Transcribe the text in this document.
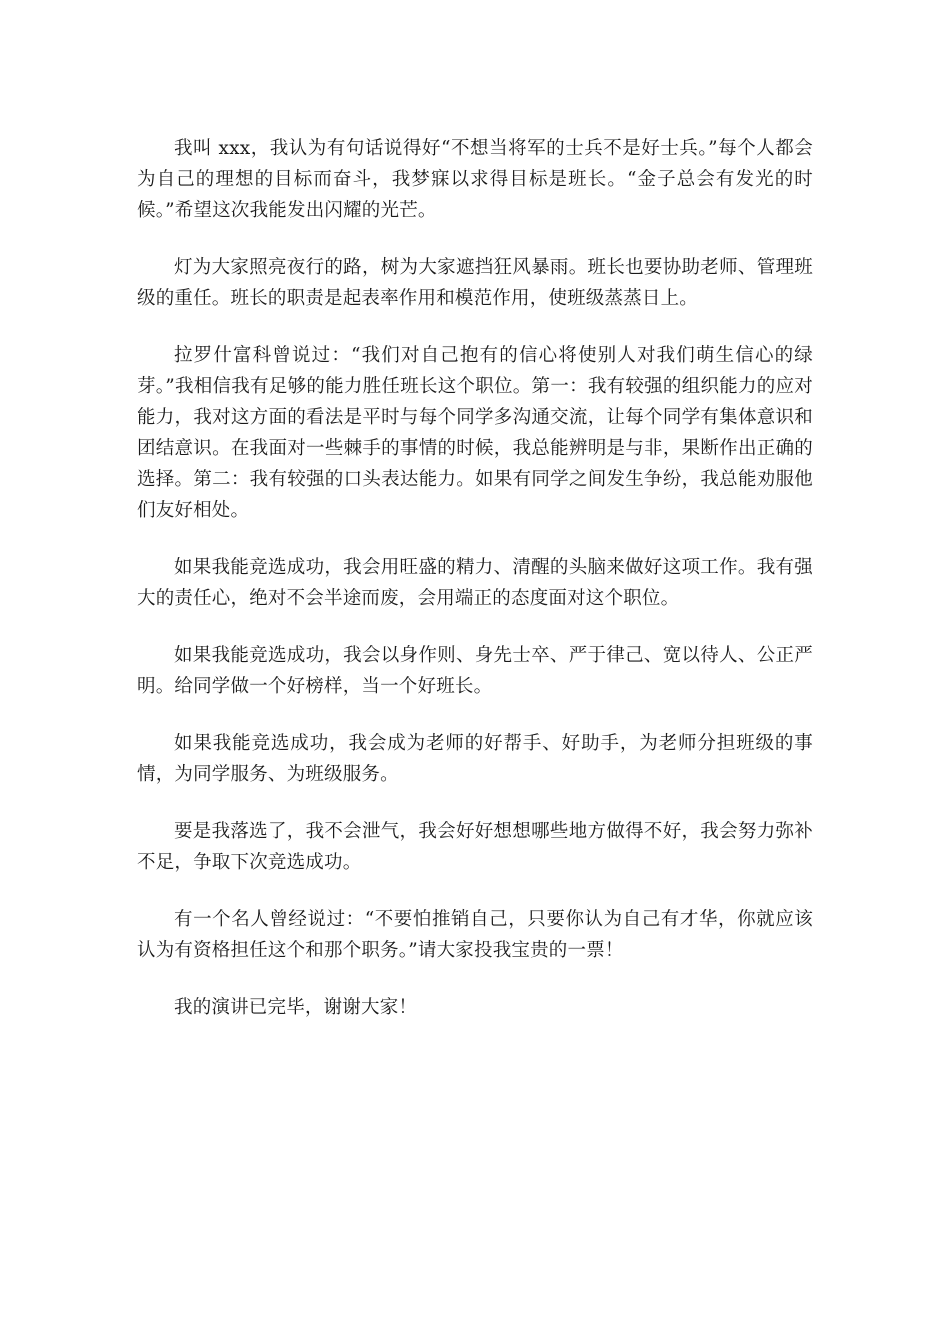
我叫 xxx，我认为有句话说得好“不想当将军的士兵不是好士兵。”每个人都会为自己的理想的目标而奋斗，我梦寐以求得目标是班长。“金子总会有发光的时候。”希望这次我能发出闪耀的光芒。

灯为大家照亮夜行的路，树为大家遮挡狂风暴雨。班长也要协助老师、管理班级的重任。班长的职责是起表率作用和模范作用，使班级蒸蒸日上。

拉罗什富科曾说过：“我们对自己抱有的信心将使别人对我们萌生信心的绿芽。”我相信我有足够的能力胜任班长这个职位。第一：我有较强的组织能力的应对能力，我对这方面的看法是平时与每个同学多沟通交流，让每个同学有集体意识和团结意识。在我面对一些棘手的事情的时候，我总能辨明是与非，果断作出正确的选择。第二：我有较强的口头表达能力。如果有同学之间发生争纷，我总能劝服他们友好相处。

如果我能竞选成功，我会用旺盛的精力、清醒的头脑来做好这项工作。我有强大的责任心，绝对不会半途而废，会用端正的态度面对这个职位。

如果我能竞选成功，我会以身作则、身先士卒、严于律己、宽以待人、公正严明。给同学做一个好榜样，当一个好班长。

如果我能竞选成功，我会成为老师的好帮手、好助手，为老师分担班级的事情，为同学服务、为班级服务。

要是我落选了，我不会泄气，我会好好想想哪些地方做得不好，我会努力弥补不足，争取下次竞选成功。

有一个名人曾经说过：“不要怕推销自己，只要你认为自己有才华，你就应该认为有资格担任这个和那个职务。”请大家投我宝贵的一票！

我的演讲已完毕，谢谢大家！
